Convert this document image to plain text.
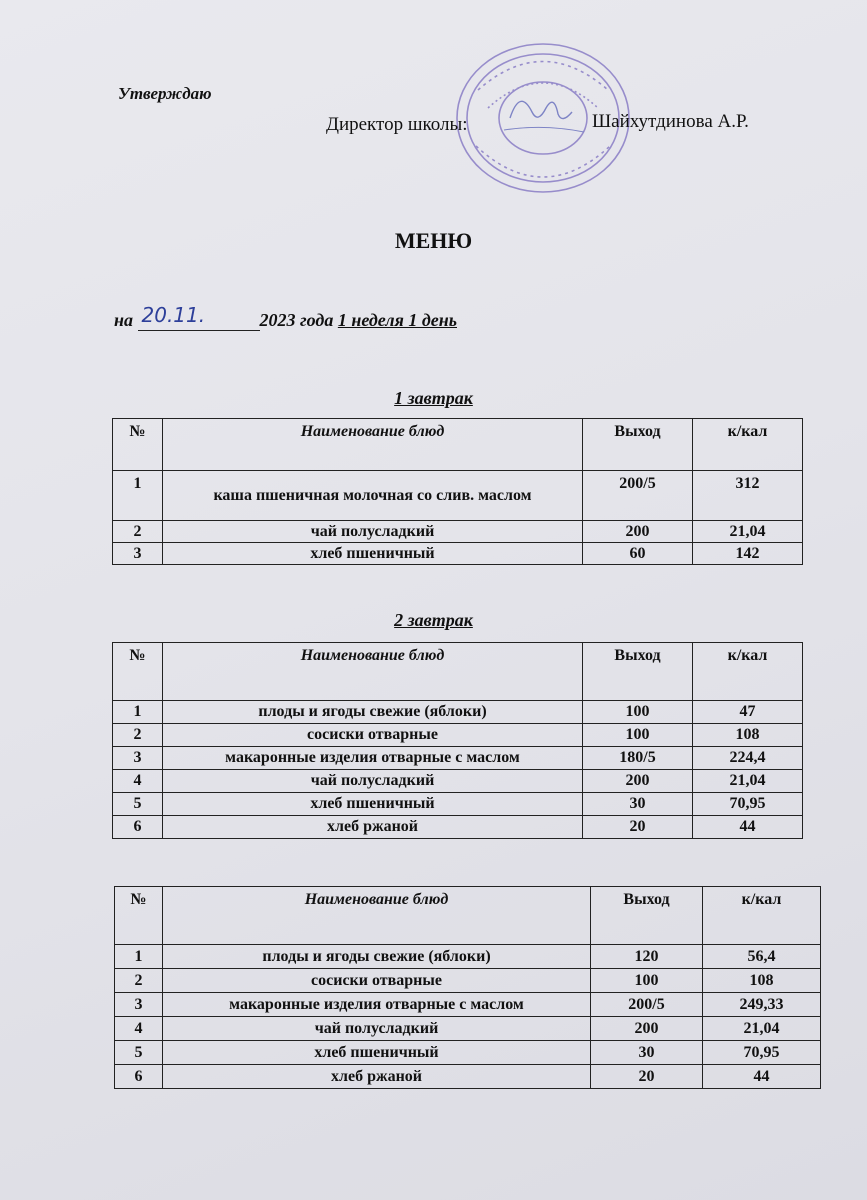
Утверждаю
Директор школы:	Шайхутдинова А.Р.
МЕНЮ
на 20.11.	2023 года 1 неделя 1 день
1 завтрак
№	Наименование блюд	Выход	к/кал
1	каша пшеничная молочная со слив. маслом	200/5	312
2	чай полусладкий	200	21,04
3	хлеб пшеничный	60	142
2 завтрак
№	Наименование блюд	Выход	к/кал
1	плоды и ягоды свежие (яблоки)	100	47
2	сосиски отварные	100	108
3	макаронные изделия отварные с маслом	180/5	224,4
4	чай полусладкий	200	21,04
5	хлеб пшеничный	30	70,95
6	хлеб ржаной	20	44
№	Наименование блюд	Выход	к/кал
1	плоды и ягоды свежие (яблоки)	120	56,4
2	сосиски отварные	100	108
3	макаронные изделия отварные с маслом	200/5	249,33
4	чай полусладкий	200	21,04
5	хлеб пшеничный	30	70,95
6	хлеб ржаной	20	44
